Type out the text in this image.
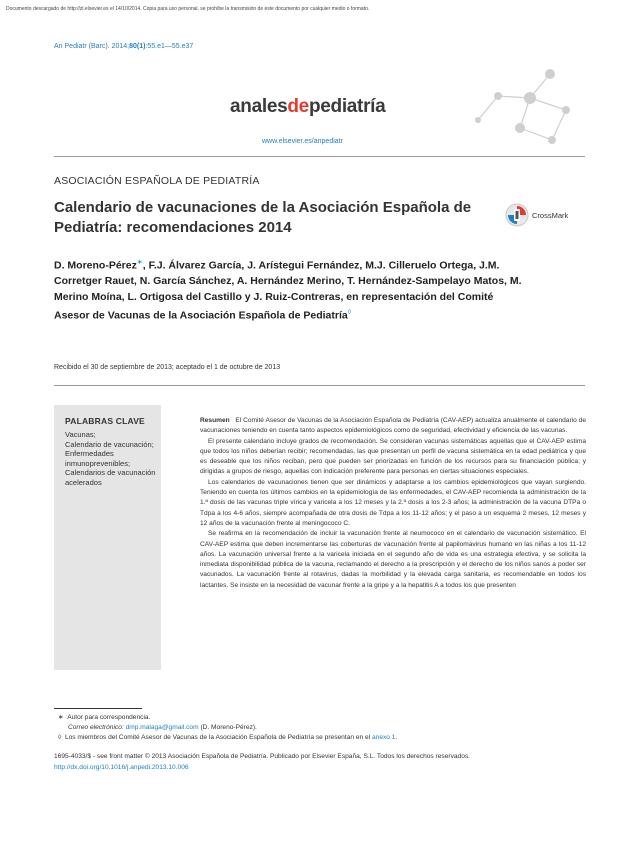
Documento descargado de http://zl.elsevier.es el 14/10/2014. Copia para uso personal, se prohíbe la transmisión de este documento por cualquier medio o formato.
An Pediatr (Barc). 2014;80(1):55.e1—55.e37
analesdepediatría
www.elsevier.es/anpediatr
ASOCIACIÓN ESPAÑOLA DE PEDIATRÍA
Calendario de vacunaciones de la Asociación Española de Pediatría: recomendaciones 2014
CrossMark
D. Moreno-Pérez∗, F.J. Álvarez García, J. Arístegui Fernández, M.J. Cilleruelo Ortega, J.M. Corretger Rauet, N. García Sánchez, A. Hernández Merino, T. Hernández-Sampelayo Matos, M. Merino Moína, L. Ortigosa del Castillo y J. Ruiz-Contreras, en representación del Comité Asesor de Vacunas de la Asociación Española de Pediatría◊
Recibido el 30 de septiembre de 2013; aceptado el 1 de octubre de 2013
PALABRAS CLAVE
Vacunas;
Calendario de vacunación;
Enfermedades inmunoprevenibles;
Calendarios de vacunación acelerados

Resumen El Comité Asesor de Vacunas de la Asociación Española de Pediatría (CAV-AEP) actualiza anualmente el calendario de vacunaciones teniendo en cuenta tanto aspectos epidemiológicos como de seguridad, efectividad y eficiencia de las vacunas.

El presente calendario incluye grados de recomendación. Se consideran vacunas sistemáticas aquellas que el CAV-AEP estima que todos los niños deberían recibir; recomendadas, las que presentan un perfil de vacuna sistemática en la edad pediátrica y que es deseable que los niños reciban, pero que pueden ser priorizadas en función de los recursos para su financiación pública; y dirigidas a grupos de riesgo, aquellas con indicación preferente para personas en ciertas situaciones especiales.

Los calendarios de vacunaciones tienen que ser dinámicos y adaptarse a los cambios epidemiológicos que vayan surgiendo. Teniendo en cuenta los últimos cambios en la epidemiología de las enfermedades, el CAV-AEP recomienda la administración de la 1.ª dosis de las vacunas triple vírica y varicela a los 12 meses y la 2.ª dosis a los 2-3 años; la administración de la vacuna DTPa o Tdpa a los 4-6 años, siempre acompañada de otra dosis de Tdpa a los 11-12 años; y el paso a un esquema 2 meses, 12 meses y 12 años de la vacunación frente al meningococo C.

Se reafirma en la recomendación de incluir la vacunación frente al neumococo en el calendario de vacunación sistemático. El CAV-AEP estima que deben incrementarse las coberturas de vacunación frente al papilomavirus humano en las niñas a los 11-12 años. La vacunación universal frente a la varicela iniciada en el segundo año de vida es una estrategia efectiva, y se solicita la inmediata disponibilidad pública de la vacuna, reclamando el derecho a la prescripción y el derecho de los niños sanos a poder ser vacunados. La vacunación frente al rotavirus, dadas la morbilidad y la elevada carga sanitaria, es recomendable en todos los lactantes. Se insiste en la necesidad de vacunar frente a la gripe y a la hepatitis A a todos los que presenten

∗ Autor para correspondencia.
Correo electrónico: dmp.malaga@gmail.com (D. Moreno-Pérez).
◊ Los miembros del Comité Asesor de Vacunas de la Asociación Española de Pediatría se presentan en el anexo 1.
1695-4033/$ - see front matter © 2013 Asociación Española de Pediatría. Publicado por Elsevier España, S.L. Todos los derechos reservados.
http://dx.doi.org/10.1016/j.anpedi.2013.10.006
